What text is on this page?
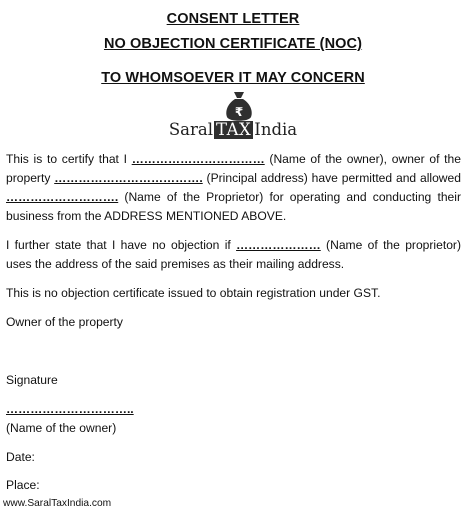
CONSENT LETTER
NO OBJECTION CERTIFICATE (NOC)
TO WHOMSOEVER IT MAY CONCERN
₹
Saral TAX India
This is to certify that I …………………………… (Name of the owner), owner of the property ………………………………. (Principal address) have permitted and allowed ………………………. (Name of the Proprietor) for operating and conducting their business from the ADDRESS MENTIONED ABOVE.
I further state that I have no objection if ………………… (Name of the proprietor) uses the address of the said premises as their mailing address.
This is no objection certificate issued to obtain registration under GST.
Owner of the property
Signature
…………………………..
(Name of the owner)
Date:
Place:
www.SaralTaxIndia.com
